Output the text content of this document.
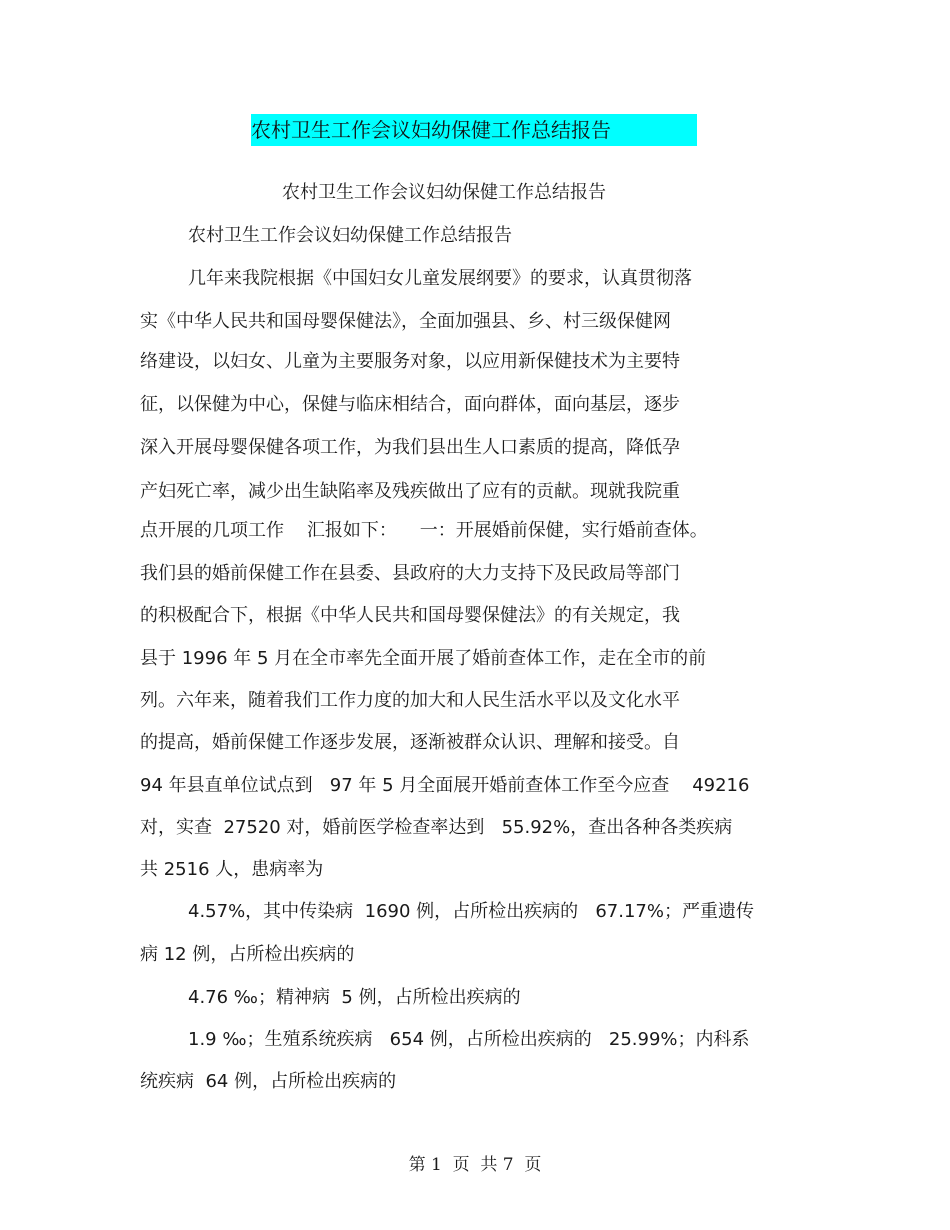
农村卫生工作会议妇幼保健工作总结报告
农村卫生工作会议妇幼保健工作总结报告
农村卫生工作会议妇幼保健工作总结报告
几年来我院根据《中国妇女儿童发展纲要》的要求，认真贯彻落
实《中华人民共和国母婴保健法》，全面加强县、乡、村三级保健网
络建设，以妇女、儿童为主要服务对象，以应用新保健技术为主要特
征，以保健为中心，保健与临床相结合，面向群体，面向基层，逐步
深入开展母婴保健各项工作，为我们县出生人口素质的提高，降低孕
产妇死亡率，减少出生缺陷率及残疾做出了应有的贡献。现就我院重
点开展的几项工作    汇报如下：    一：开展婚前保健，实行婚前查体。
我们县的婚前保健工作在县委、县政府的大力支持下及民政局等部门
的积极配合下，根据《中华人民共和国母婴保健法》的有关规定，我
县于 1996 年 5 月在全市率先全面开展了婚前查体工作，走在全市的前
列。六年来，随着我们工作力度的加大和人民生活水平以及文化水平
的提高，婚前保健工作逐步发展，逐渐被群众认识、理解和接受。自
94 年县直单位试点到   97 年 5 月全面展开婚前查体工作至今应查    49216
对，实查  27520 对，婚前医学检查率达到   55.92%，查出各种各类疾病
共 2516 人，患病率为
4.57%，其中传染病  1690 例，占所检出疾病的   67.17%；严重遗传
病 12 例，占所检出疾病的
4.76 ‰；精神病  5 例，占所检出疾病的
1.9 ‰；生殖系统疾病   654 例，占所检出疾病的   25.99%；内科系
统疾病  64 例，占所检出疾病的
第 1  页  共 7  页
